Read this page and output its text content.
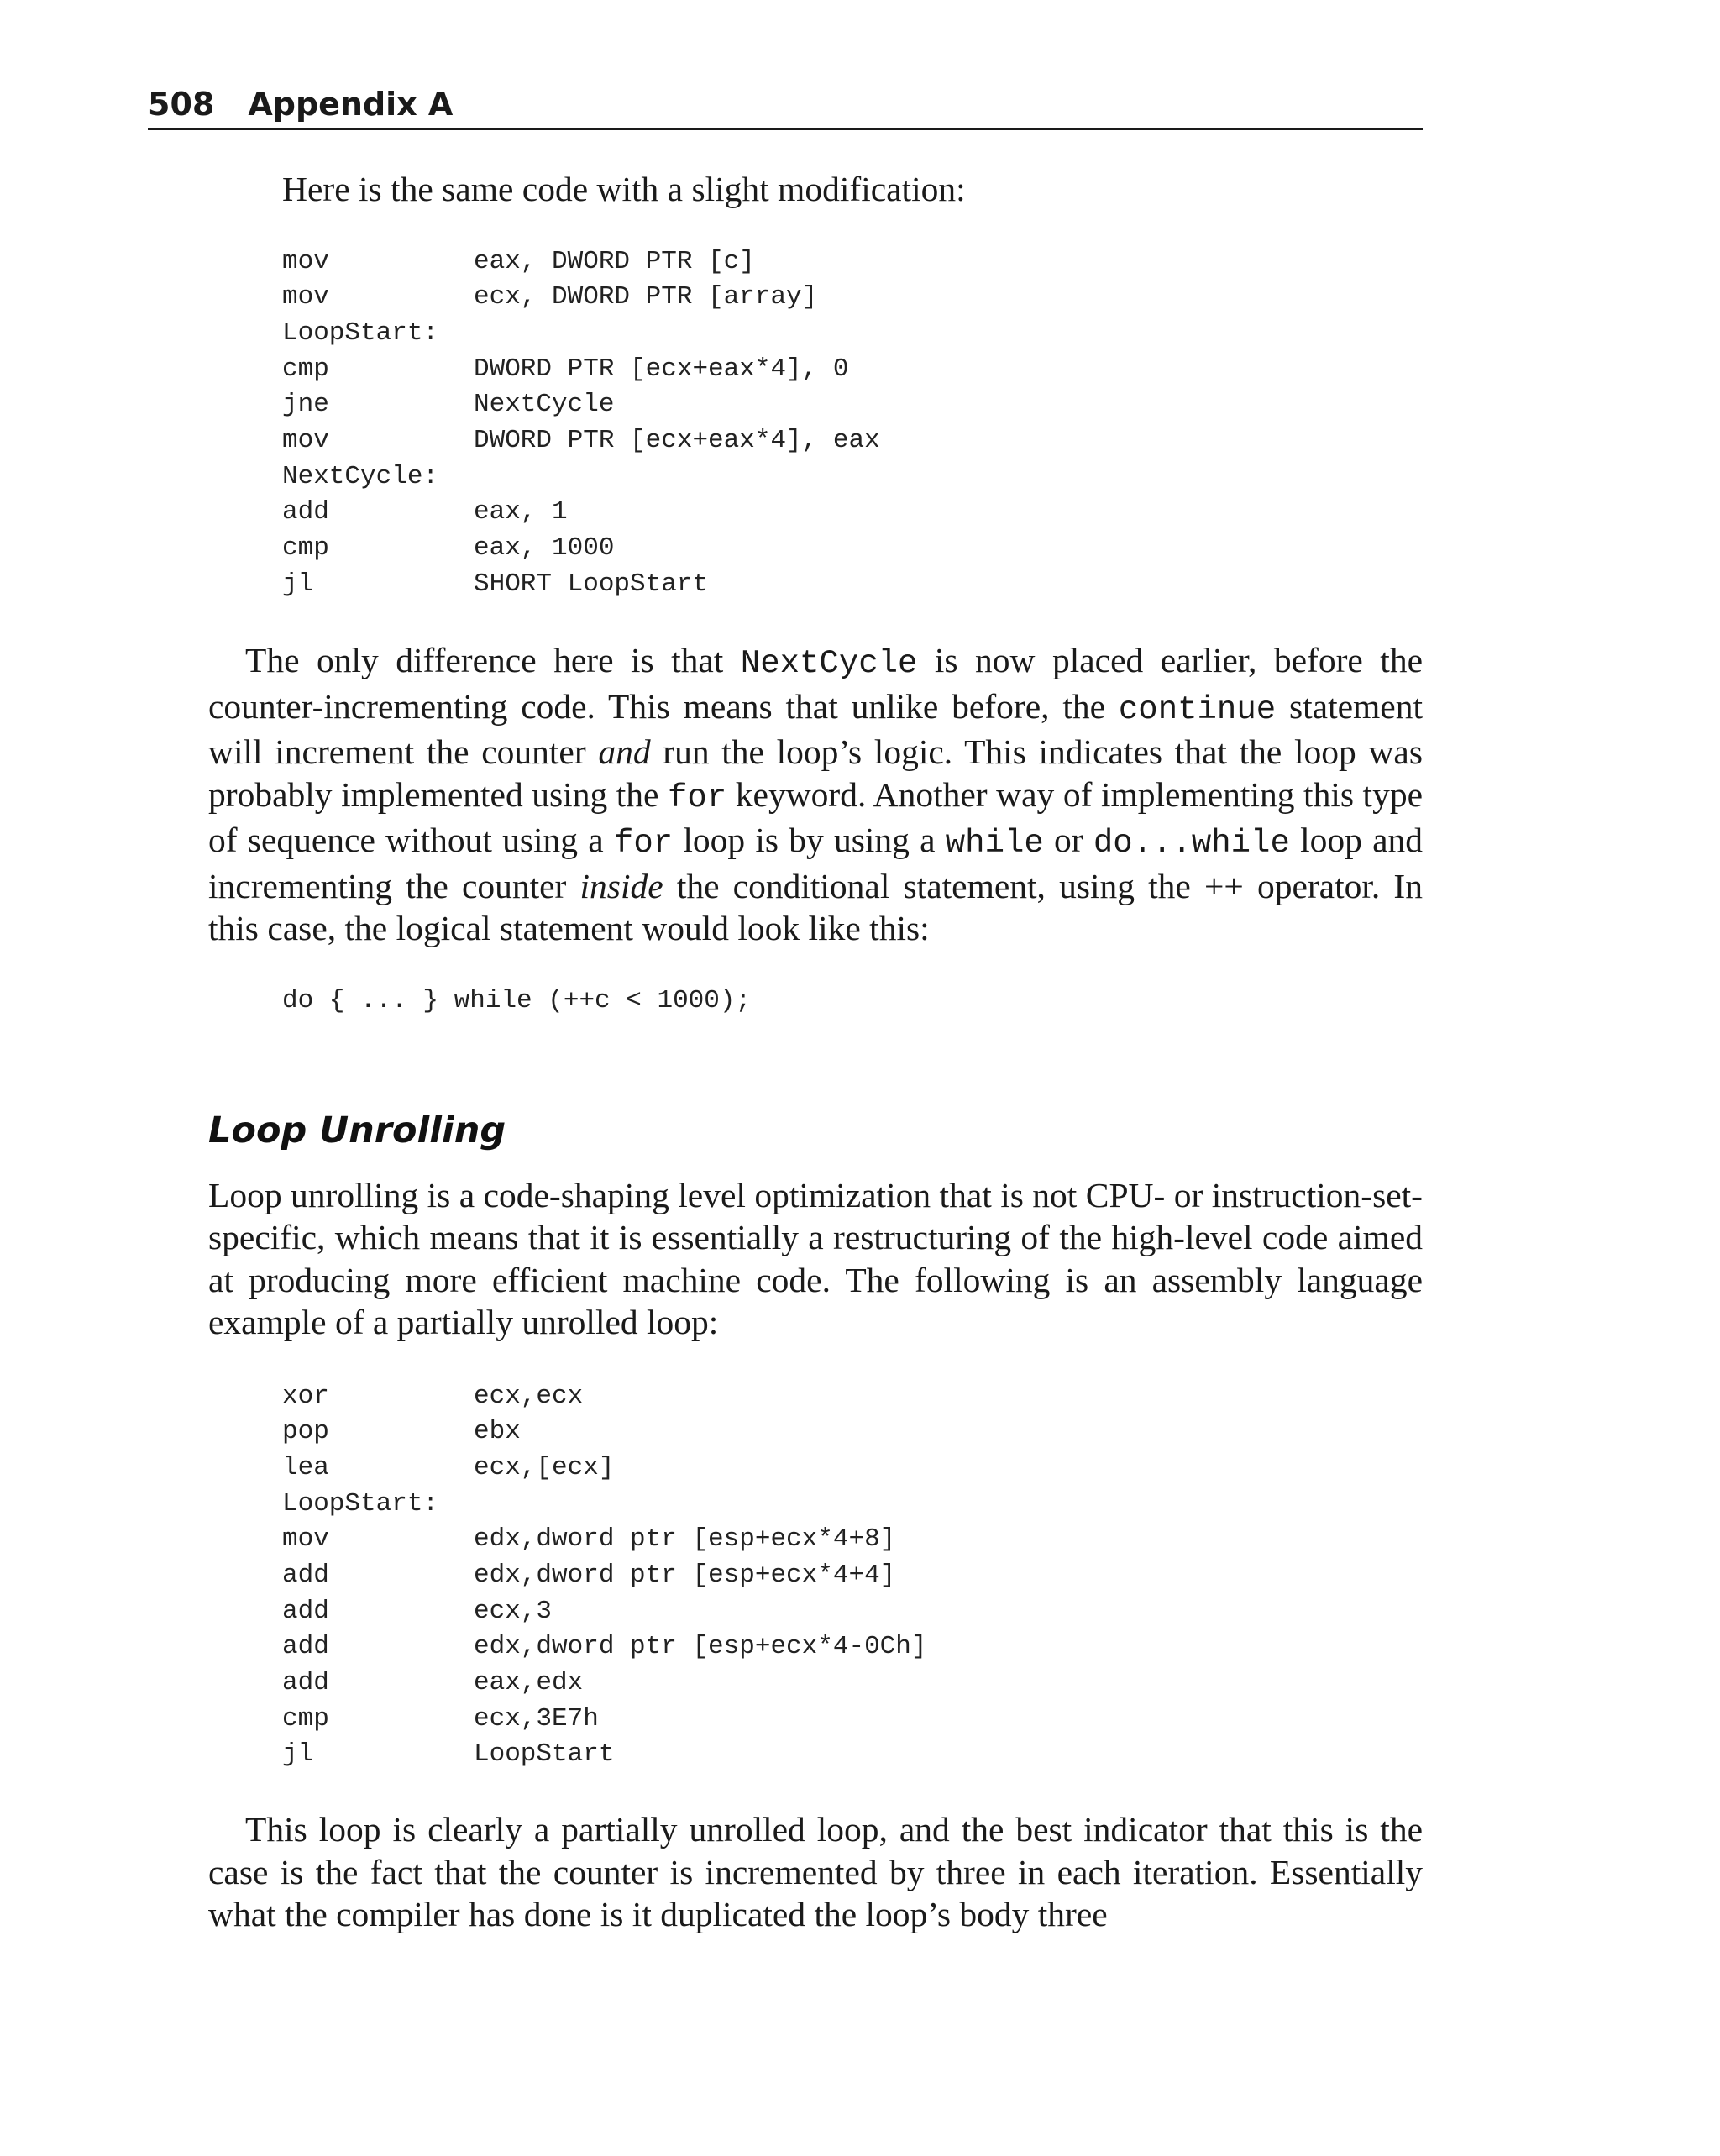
508 Appendix A

Here is the same code with a slight modification:

mov	eax, DWORD PTR [c]
mov	ecx, DWORD PTR [array]
LoopStart:
cmp	DWORD PTR [ecx+eax*4], 0
jne	NextCycle
mov	DWORD PTR [ecx+eax*4], eax
NextCycle:
add	eax, 1
cmp	eax, 1000
jl	SHORT LoopStart

The only difference here is that NextCycle is now placed earlier, before the counter-incrementing code. This means that unlike before, the continue statement will increment the counter and run the loop’s logic. This indicates that the loop was probably implemented using the for keyword. Another way of implementing this type of sequence without using a for loop is by using a while or do...while loop and incrementing the counter inside the conditional statement, using the ++ operator. In this case, the logical statement would look like this:

do { ... } while (++c < 1000);
Loop Unrolling

Loop unrolling is a code-shaping level optimization that is not CPU- or instruction-set-specific, which means that it is essentially a restructuring of the high-level code aimed at producing more efficient machine code. The following is an assembly language example of a partially unrolled loop:

xor	ecx,ecx
pop	ebx
lea	ecx,[ecx]
LoopStart:
mov	edx,dword ptr [esp+ecx*4+8]
add	edx,dword ptr [esp+ecx*4+4]
add	ecx,3
add	edx,dword ptr [esp+ecx*4-0Ch]
add	eax,edx
cmp	ecx,3E7h
jl	LoopStart

This loop is clearly a partially unrolled loop, and the best indicator that this is the case is the fact that the counter is incremented by three in each iteration. Essentially what the compiler has done is it duplicated the loop’s body three
